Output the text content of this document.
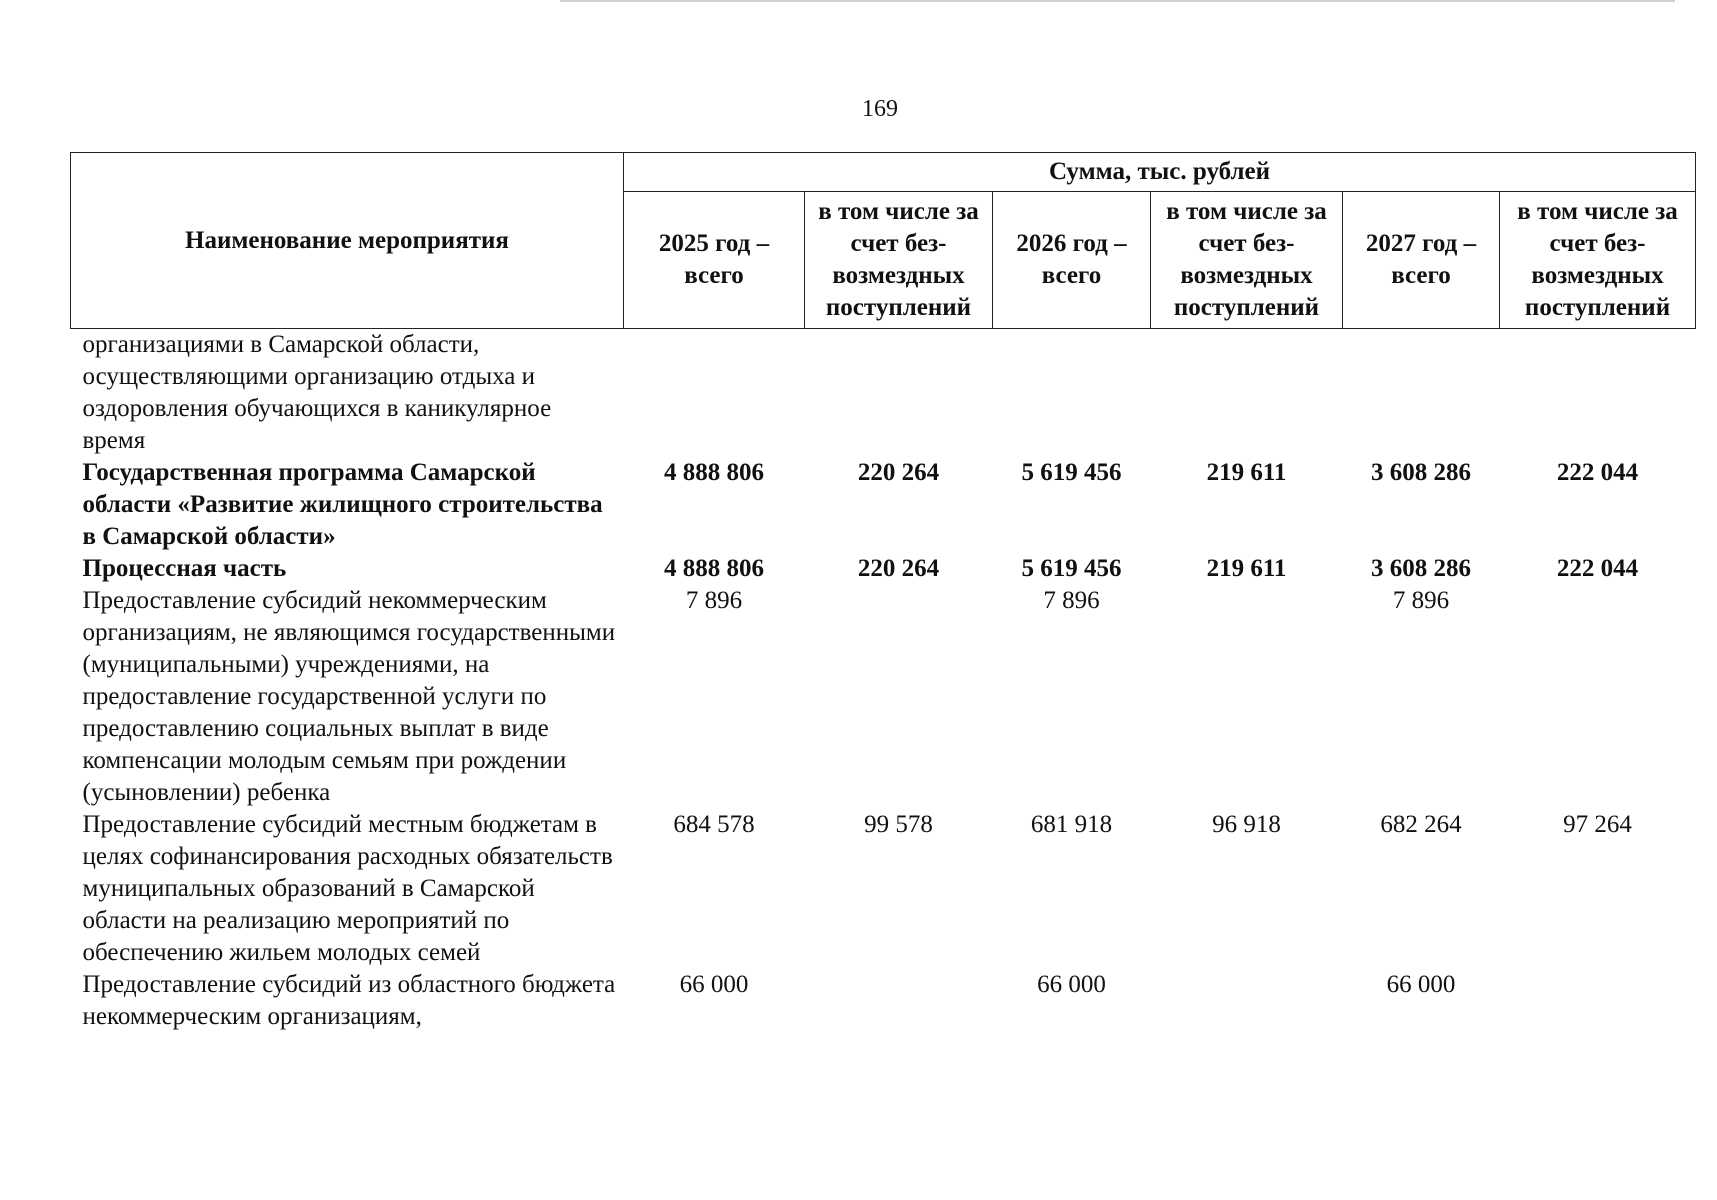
169
Наименование мероприятия	Сумма, тыс. рублей					
	2025 год – всего	в том числе за счет без-возмездных поступлений	2026 год – всего	в том числе за счет без-возмездных поступлений	2027 год – всего	в том числе за счет без-возмездных поступлений
организациями в Самарской области, осуществляющими организацию отдыха и оздоровления обучающихся в каникулярное время						
Государственная программа Самарской области «Развитие жилищного строительства в Самарской области»	4 888 806	220 264	5 619 456	219 611	3 608 286	222 044
Процессная часть	4 888 806	220 264	5 619 456	219 611	3 608 286	222 044
Предоставление субсидий некоммерческим организациям, не являющимся государственными (муниципальными) учреждениями, на предоставление государственной услуги по предоставлению социальных выплат в виде компенсации молодым семьям при рождении (усыновлении) ребенка	7 896		7 896		7 896	
Предоставление субсидий местным бюджетам в целях софинансирования расходных обязательств муниципальных образований в Самарской области на реализацию мероприятий по обеспечению жильем молодых семей	684 578	99 578	681 918	96 918	682 264	97 264
Предоставление субсидий из областного бюджета некоммерческим организациям,	66 000		66 000		66 000	
